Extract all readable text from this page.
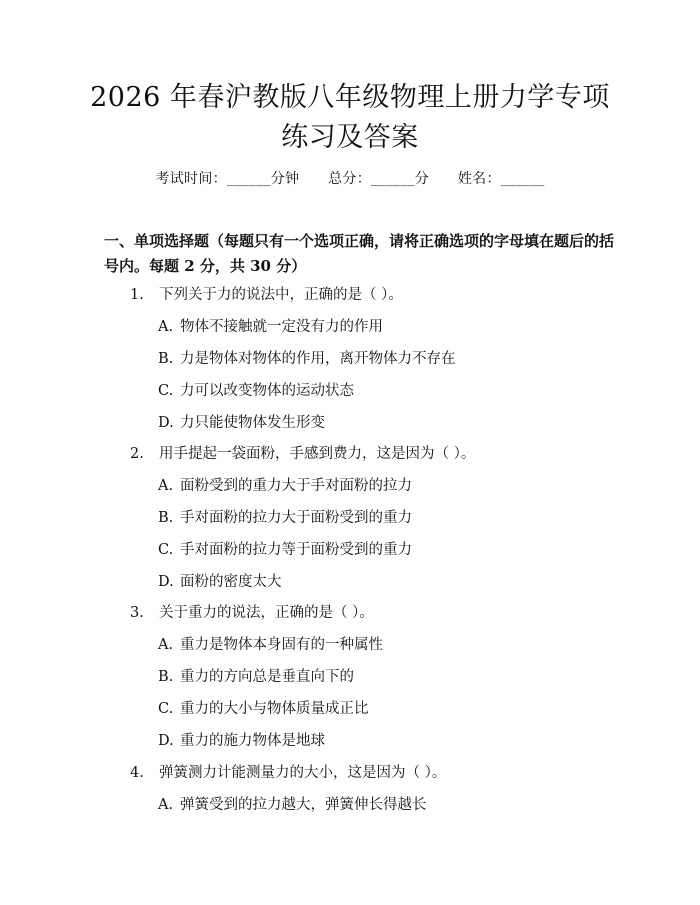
2026 年春沪教版八年级物理上册力学专项练习及答案
考试时间：______分钟 总分：______分 姓名：______
一、单项选择题（每题只有一个选项正确，请将正确选项的字母填在题后的括号内。每题 2 分，共 30 分）
1. 下列关于力的说法中，正确的是（ ）。
A. 物体不接触就一定没有力的作用
B. 力是物体对物体的作用，离开物体力不存在
C. 力可以改变物体的运动状态
D. 力只能使物体发生形变
2. 用手提起一袋面粉，手感到费力，这是因为（ ）。
A. 面粉受到的重力大于手对面粉的拉力
B. 手对面粉的拉力大于面粉受到的重力
C. 手对面粉的拉力等于面粉受到的重力
D. 面粉的密度太大
3. 关于重力的说法，正确的是（ ）。
A. 重力是物体本身固有的一种属性
B. 重力的方向总是垂直向下的
C. 重力的大小与物体质量成正比
D. 重力的施力物体是地球
4. 弹簧测力计能测量力的大小，这是因为（ ）。
A. 弹簧受到的拉力越大，弹簧伸长得越长
